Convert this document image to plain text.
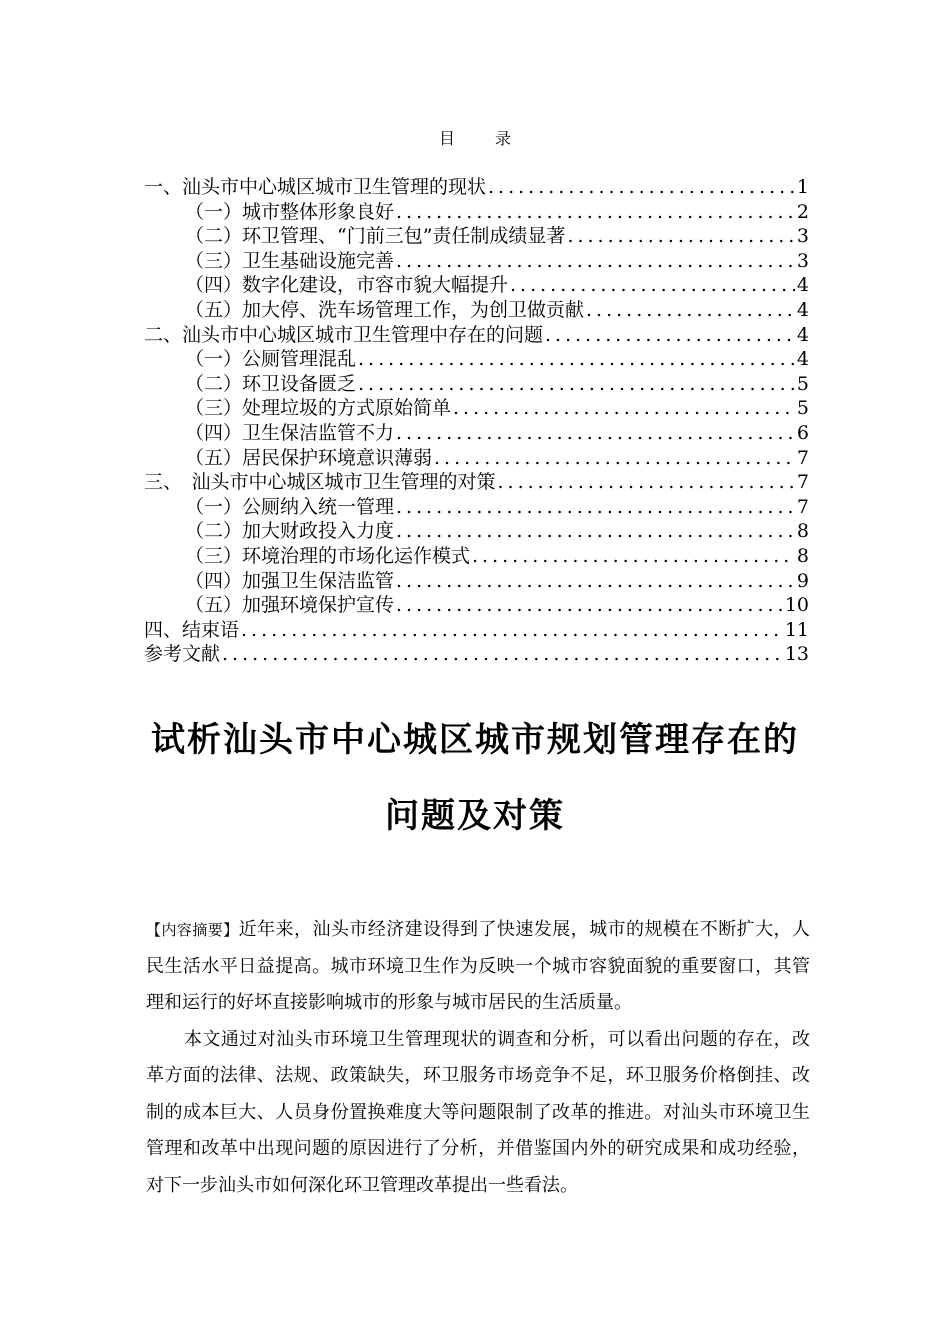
目	录
一、汕头市中心城区城市卫生管理的现状 .....	1
（一）城市整体形象良好 .....	2
（二）环卫管理、“门前三包”责任制成绩显著 .....	3
（三）卫生基础设施完善 .....	3
（四）数字化建设，市容市貌大幅提升 .....	4
（五）加大停、洗车场管理工作，为创卫做贡献 .....	4
二、汕头市中心城区城市卫生管理中存在的问题 .....	4
（一）公厕管理混乱 .....	4
（二）环卫设备匮乏 .....	5
（三）处理垃圾的方式原始简单 .....	5
（四）卫生保洁监管不力 .....	6
（五）居民保护环境意识薄弱 .....	7
三、　汕头市中心城区城市卫生管理的对策 .....	7
（一）公厕纳入统一管理 .....	7
（二）加大财政投入力度 .....	8
（三）环境治理的市场化运作模式 .....	8
（四）加强卫生保洁监管 .....	9
（五）加强环境保护宣传 .....	10
四、结束语 .....	11
参考文献 .....	13
试析汕头市中心城区城市规划管理存在的
问题及对策

【内容摘要】近年来，汕头市经济建设得到了快速发展，城市的规模在不断扩大，人民生活水平日益提高。城市环境卫生作为反映一个城市容貌面貌的重要窗口，其管理和运行的好坏直接影响城市的形象与城市居民的生活质量。

本文通过对汕头市环境卫生管理现状的调查和分析，可以看出问题的存在，改革方面的法律、法规、政策缺失，环卫服务市场竞争不足，环卫服务价格倒挂、改制的成本巨大、人员身份置换难度大等问题限制了改革的推进。对汕头市环境卫生管理和改革中出现问题的原因进行了分析，并借鉴国内外的研究成果和成功经验，对下一步汕头市如何深化环卫管理改革提出一些看法。
